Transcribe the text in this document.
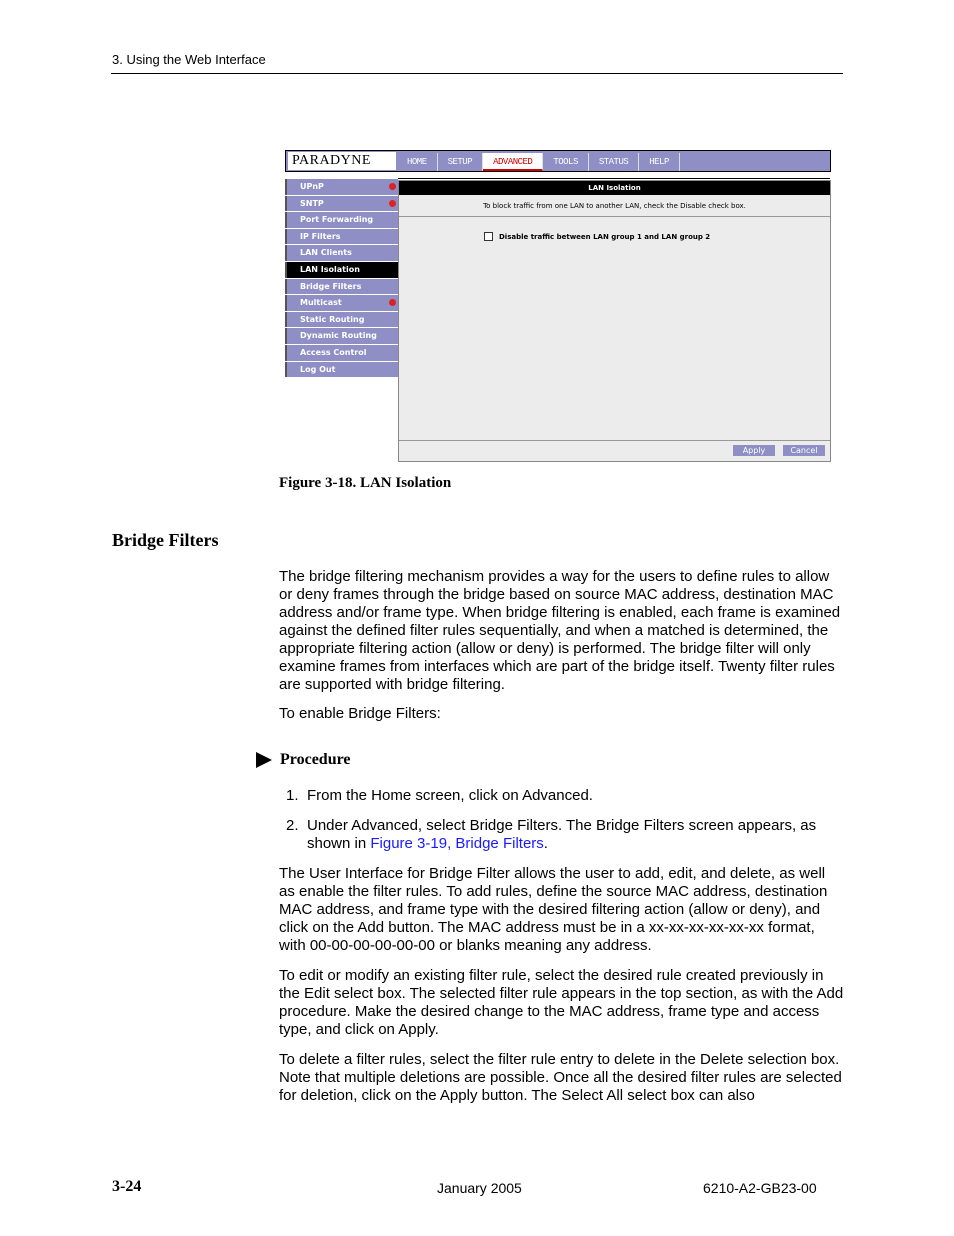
3. Using the Web Interface
PARADYNE	HOME	SETUP	ADVANCED	TOOLS	STATUS	HELP
UPnP
SNTP
Port Forwarding
IP Filters
LAN Clients
LAN Isolation
Bridge Filters
Multicast
Static Routing
Dynamic Routing
Access Control
Log Out
LAN Isolation
To block traffic from one LAN to another LAN, check the Disable check box.
Disable traffic between LAN group 1 and LAN group 2
Apply	Cancel
Figure 3-18. LAN Isolation
Bridge Filters
The bridge filtering mechanism provides a way for the users to define rules to allow or deny frames through the bridge based on source MAC address, destination MAC address and/or frame type. When bridge filtering is enabled, each frame is examined against the defined filter rules sequentially, and when a matched is determined, the appropriate filtering action (allow or deny) is performed. The bridge filter will only examine frames from interfaces which are part of the bridge itself. Twenty filter rules are supported with bridge filtering.
To enable Bridge Filters:
Procedure
1. From the Home screen, click on Advanced.
2. Under Advanced, select Bridge Filters. The Bridge Filters screen appears, as shown in Figure 3-19, Bridge Filters.
The User Interface for Bridge Filter allows the user to add, edit, and delete, as well as enable the filter rules. To add rules, define the source MAC address, destination MAC address, and frame type with the desired filtering action (allow or deny), and click on the Add button. The MAC address must be in a xx-xx-xx-xx-xx-xx format, with 00-00-00-00-00-00 or blanks meaning any address.
To edit or modify an existing filter rule, select the desired rule created previously in the Edit select box. The selected filter rule appears in the top section, as with the Add procedure. Make the desired change to the MAC address, frame type and access type, and click on Apply.
To delete a filter rules, select the filter rule entry to delete in the Delete selection box. Note that multiple deletions are possible. Once all the desired filter rules are selected for deletion, click on the Apply button. The Select All select box can also
3-24	January 2005	6210-A2-GB23-00
